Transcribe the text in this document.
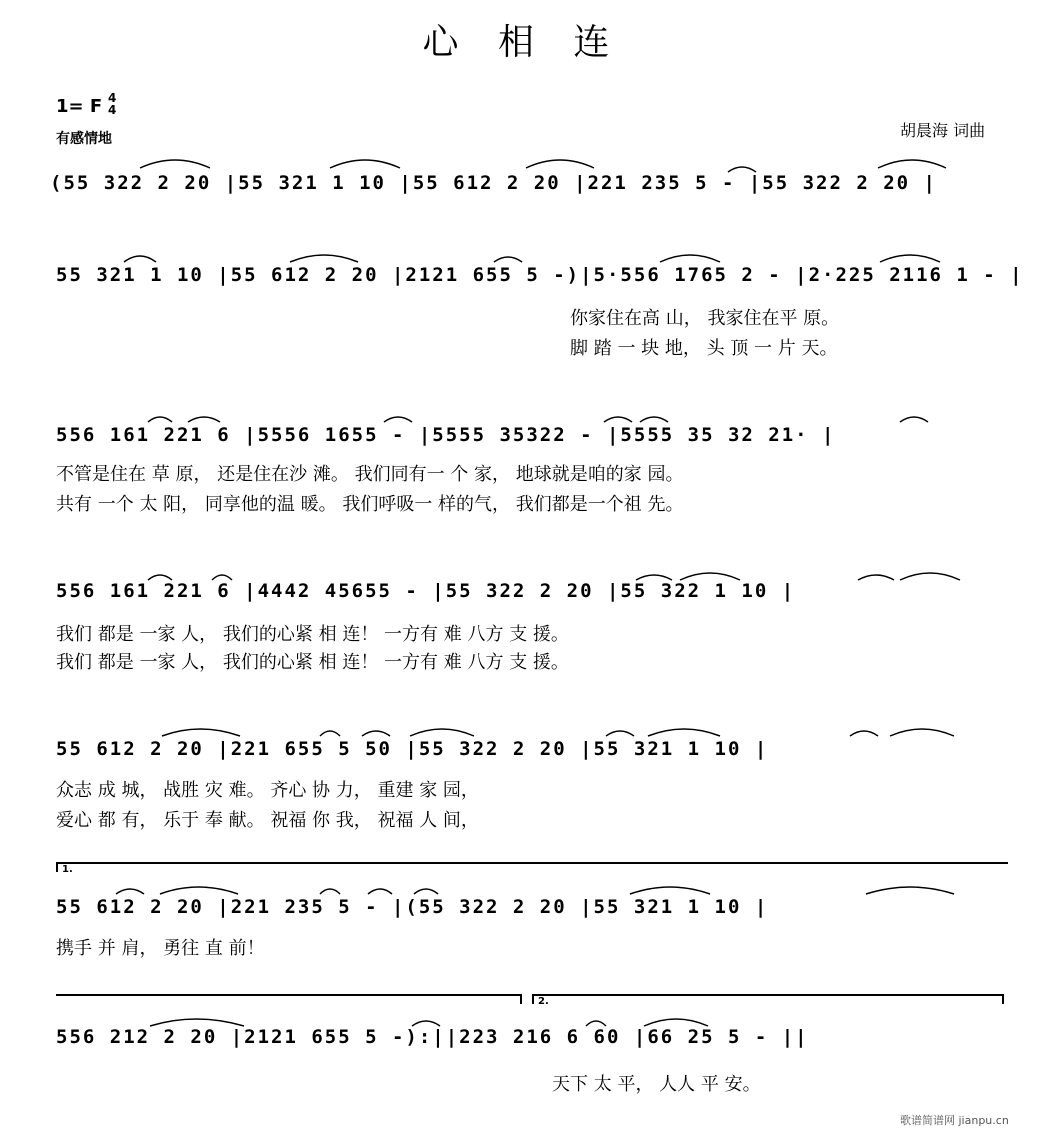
心 相 连
1= F 4
4
有感情地	胡晨海 词曲
(55 322 2 20 |55 321 1 10 |55 612 2 20 |221 235 5 - |55 322 2 20 |
55 321 1 10 |55 612 2 20 |2121 655 5 -)|5·556 1765 2 - |2·225 2116 1 - |
你家住在高 山， 我家住在平 原。
脚 踏 一 块 地， 头 顶 一 片 天。
556 161 221 6 |5556 1655 - |5555 35322 - |5555 35 32 21· |
不管是住在 草 原， 还是住在沙 滩。 我们同有一 个 家， 地球就是咱的家 园。
共有 一个 太 阳， 同享他的温 暖。 我们呼吸一 样的气， 我们都是一个祖 先。
556 161 221 6 |4442 45655 - |55 322 2 20 |55 322 1 10 |
我们 都是 一家 人， 我们的心紧 相 连！ 一方有 难 八方 支 援。
我们 都是 一家 人， 我们的心紧 相 连！ 一方有 难 八方 支 援。
55 612 2 20 |221 655 5 50 |55 322 2 20 |55 321 1 10 |
众志 成 城， 战胜 灾 难。 齐心 协 力， 重建 家 园，
爱心 都 有， 乐于 奉 献。 祝福 你 我， 祝福 人 间，
1.
55 612 2 20 |221 235 5 - |(55 322 2 20 |55 321 1 10 |
携手 并 肩， 勇往 直 前！
2.
556 212 2 20 |2121 655 5 -):||223 216 6 60 |66 25 5 - ||
天下 太 平， 人人 平 安。
歌谱简谱网 jianpu.cn
